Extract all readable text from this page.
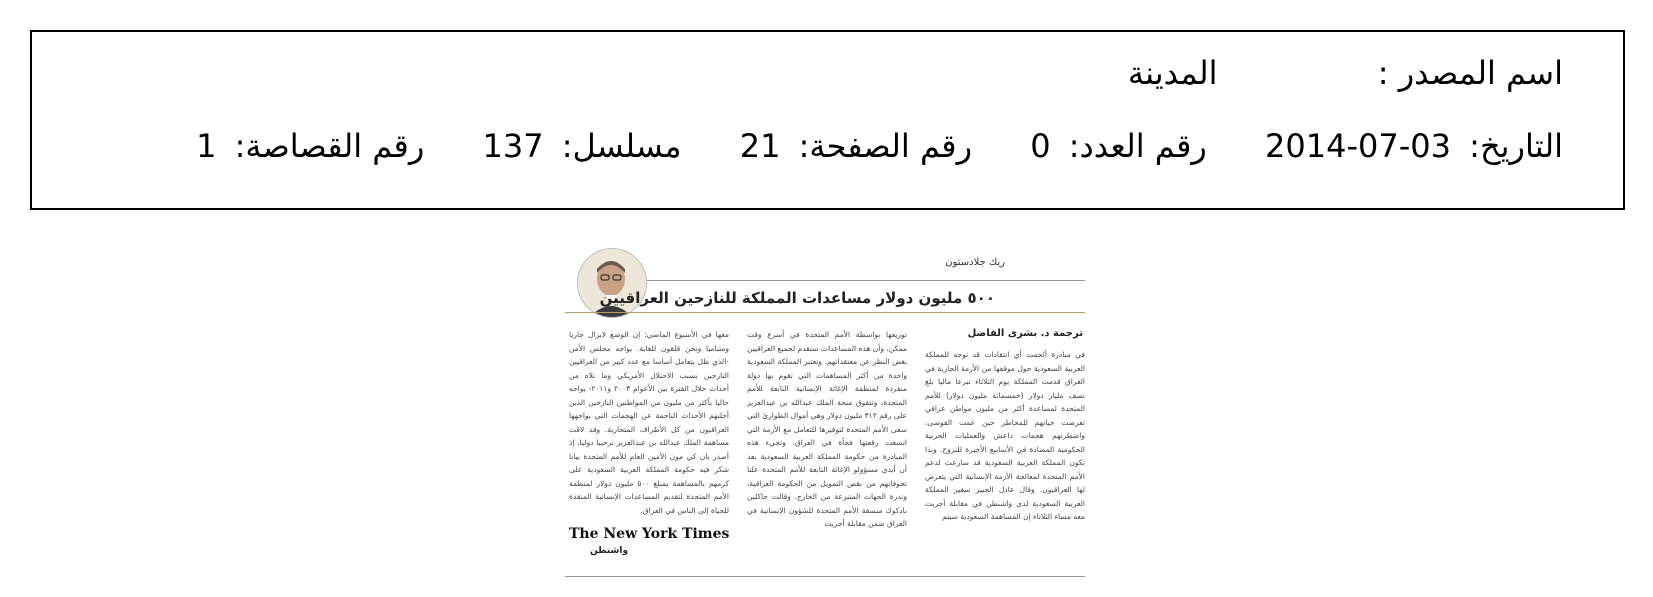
اسم المصدر : المدينة
التاريخ: 2014-07-03 رقم العدد: 0 رقم الصفحة: 21 مسلسل: 137 رقم القصاصة: 1
ريك جلادستون
٥٠٠ مليون دولار مساعدات المملكة للنازحين العراقيين
ترجمة د. بشرى الفاضل
في مبادرة ألجمت أي انتقادات قد توجه للمملكة العربية السعودية حول موقفها من الأزمة الجارية في العراق قدمت المملكة يوم الثلاثاء تبرعا ماليا بلغ نصف مليار دولار (خمسمائة مليون دولار) للأمم المتحدة لمساعدة أكثر من مليون مواطن عراقي تعرضت حياتهم للمخاطر حين عمت الفوضى، واضطرتهم هجمات داعش والعمليات الحربية الحكومية المضادة في الأسابيع الأخيرة للنزوح. وبذا تكون المملكة العربية السعودية قد سارعت لدعم الأمم المتحدة لمعالجة الأزمة الإنسانية التي يتعرض لها العراقيون. وقال عادل الجبير سفير المملكة العربية السعودية لدى واشنطن في مقابلة أجريت معه مساء الثلاثاء إن المساهمة السعودية سيتم
توزيعها بواسطة الأمم المتحدة في أسرع وقت ممكن، وأن هذه المساعدات ستقدم لجميع العراقيين بغض النظر عن معتقداتهم. وتعتبر المملكة السعودية واحدة من أكثر المساهمات التي تقوم بها دولة منفردة لمنظمة الإغاثة الإنسانية التابعة للأمم المتحدة، وتتفوق منحة الملك عبدالله بن عبدالعزيز على رقم ٣١٢ مليون دولار وهي أموال الطوارئ التي سعى الأمم المتحدة لتوفيرها للتعامل مع الأزمة التي اتسعت رقعتها فجأة في العراق. وتجيء هذه المبادرة من حكومة المملكة العربية السعودية بعد أن أبدى مسؤولو الإغاثة التابعة للأمم المتحدة علنا تخوفاتهم من نقص التمويل من الحكومة العراقية، وندرة الجهات المتبرعة من الخارج. وقالت جاكلين بادكوك منسقة الأمم المتحدة للشؤون الإنسانية في العراق ضمن مقابلة أجريت
معها في الأسبوع الماضي: إن الوضع لايزال جاريا ومتناميا ونحن قلقون للغاية. يواجه مجلس الأمن -الذي ظل يتعامل أساسا مع عدد كبير من العراقيين النازحين بسبب الاحتلال الأمريكي وما تلاه من أحداث خلال الفترة بين الأعوام ٢٠٠٣ و٢٠١١- يواجه حاليا بأكثر من مليون من المواطنين النازحين الذين أجلتهم الأحداث الناجمة عن الهجمات التي يواجهها العراقيون من كل الأطراف المتحاربة. وقد لاقت مساهمة الملك عبدالله بن عبدالعزيز ترحيبا دوليا، إذ أصدر بان كي مون الأمين العام للأمم المتحدة بيانا شكر فيه حكومة المملكة العربية السعودية على كرمهم بالمساهمة بمبلغ ٥٠٠ مليون دولار لمنظمة الأمم المتحدة لتقديم المساعدات الإنسانية المنقذة للحياة إلى الناس في العراق.
The New York Times
واشنطن
